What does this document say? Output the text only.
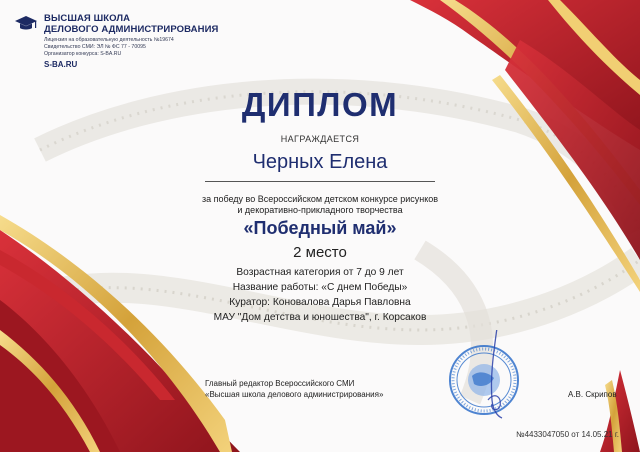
ВЫСШАЯ ШКОЛА
ДЕЛОВОГО АДМИНИСТРИРОВАНИЯ
Лицензия на образовательную деятельность №19674
Свидетельство СМИ: ЭЛ № ФС 77 - 70095
Организатор конкурса: S-BA.RU
S-BA.RU
ДИПЛОМ
НАГРАЖДАЕТСЯ
Черных Елена
за победу во Всероссийском детском конкурсе рисунков
и декоративно-прикладного творчества
«Победный май»
2 место
Возрастная категория от 7 до 9 лет
Название работы: «С днем Победы»
Куратор: Коновалова Дарья Павловна
МАУ "Дом детства и юношества", г. Корсаков
Главный редактор Всероссийского СМИ
«Высшая школа делового администрирования»	А.В. Скрипов
№4433047050 от 14.05.21 г.
